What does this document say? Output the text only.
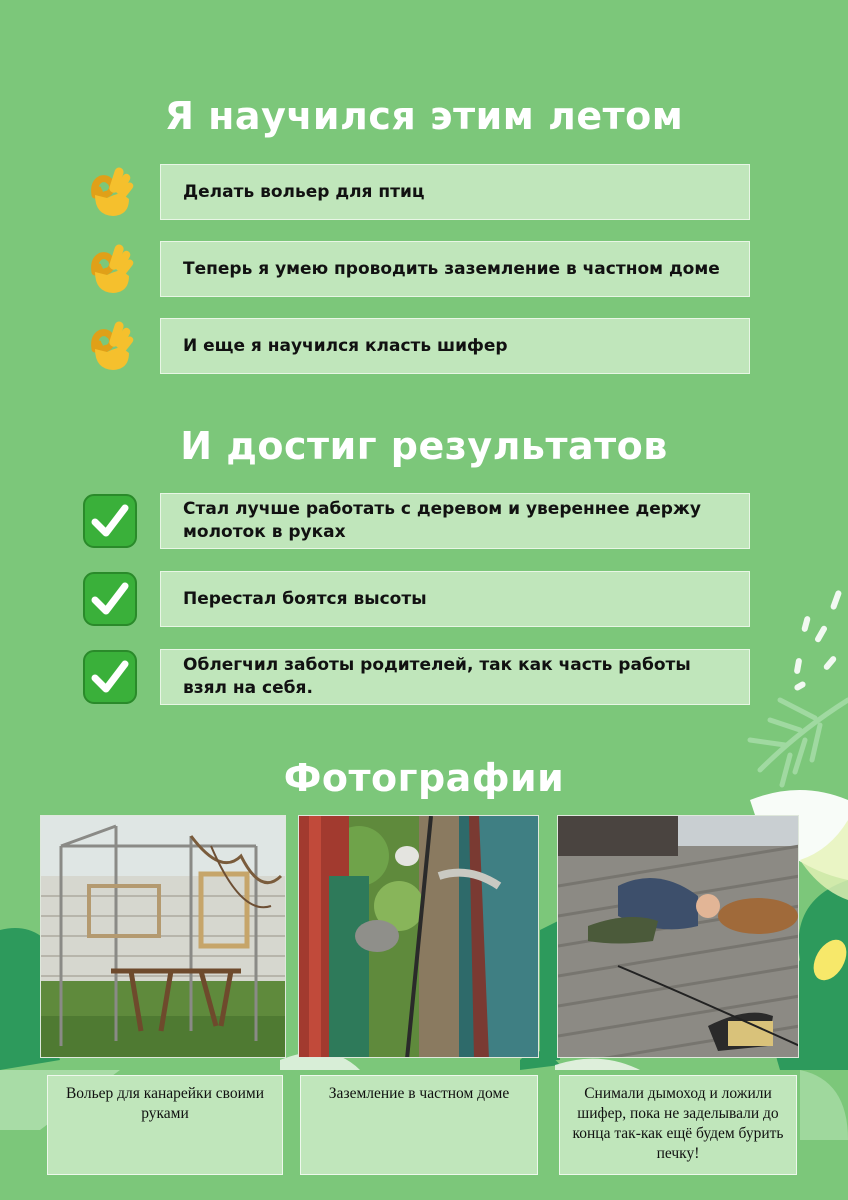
Я научился этим летом
Делать вольер для птиц
Теперь я умею проводить заземление в частном доме
И еще я научился класть шифер
И достиг результатов
Стал лучше работать с деревом и увереннее держу молоток в руках
Перестал боятся высоты
Облегчил заботы родителей, так как часть работы взял на себя.
Фотографии
Вольер для канарейки своими руками
Заземление в частном доме	Снимали дымоход и ложили шифер, пока не заделывали до конца так-как ещё будем бурить печку!
